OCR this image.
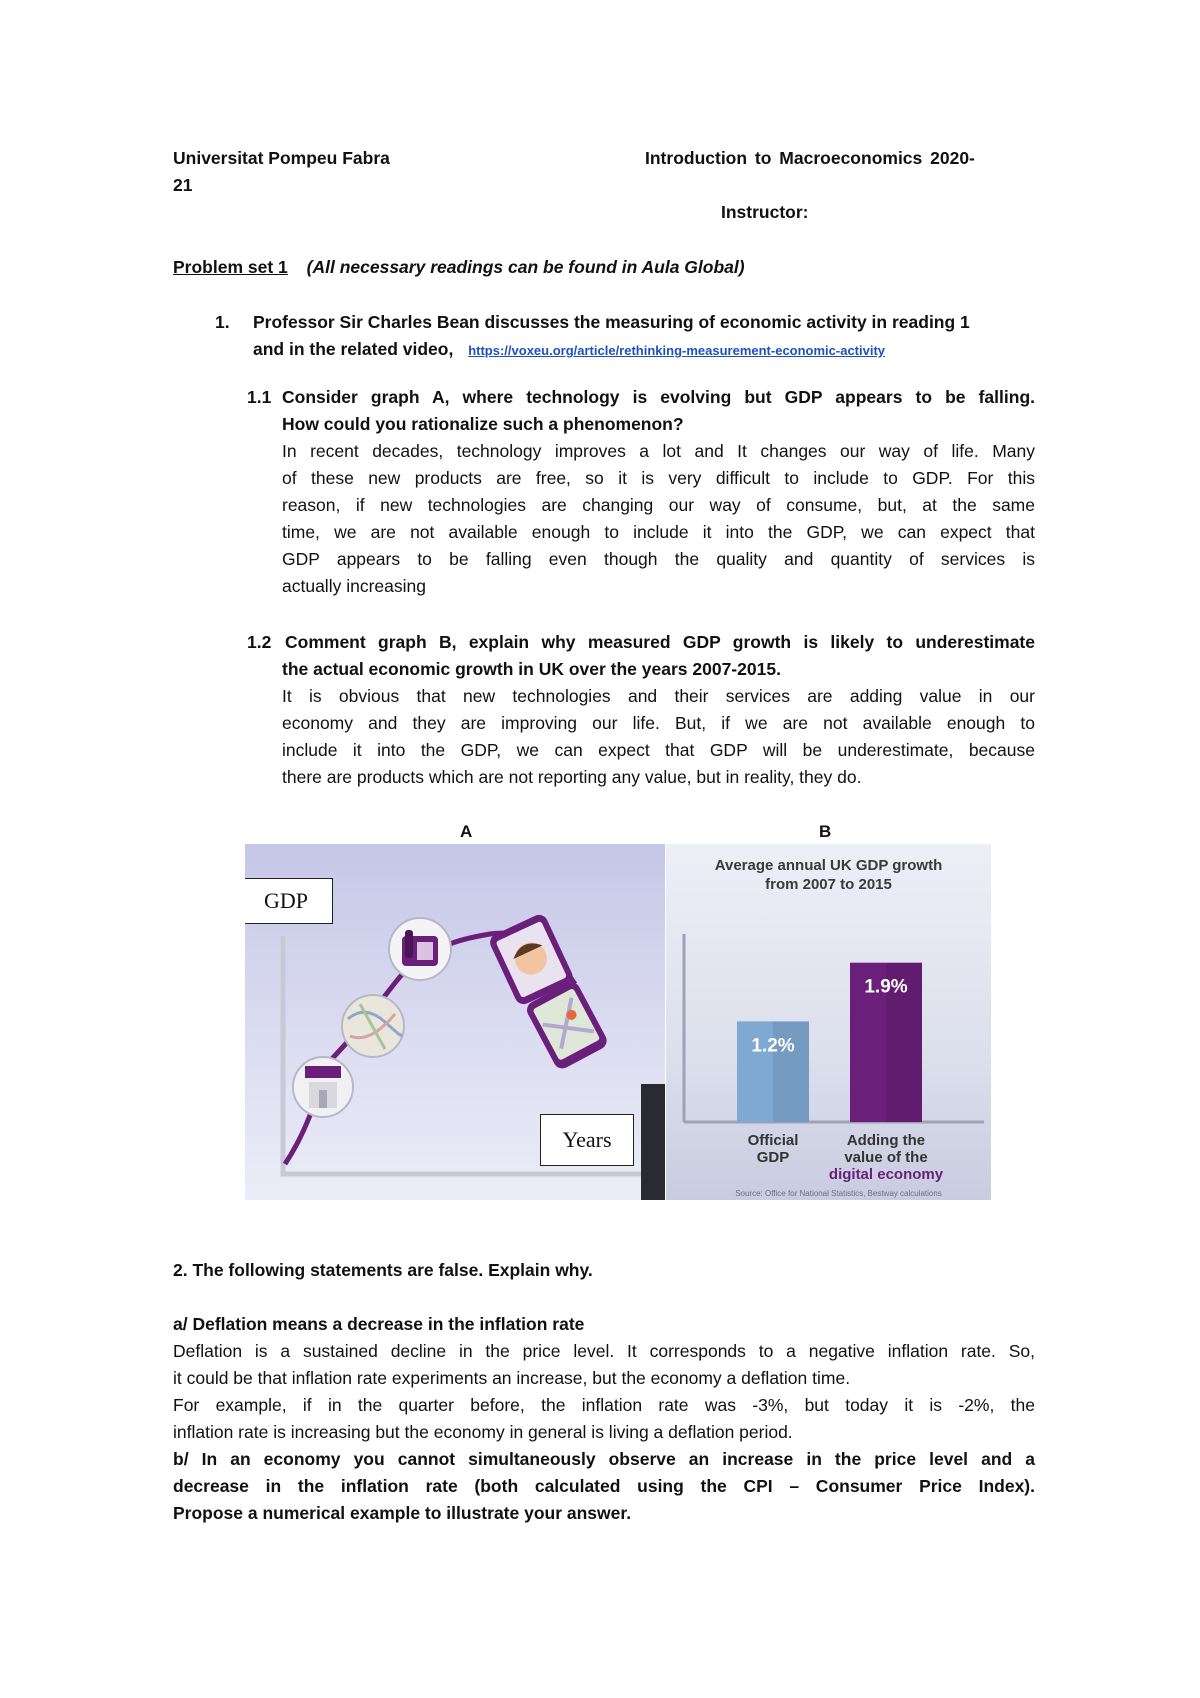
Universitat Pompeu Fabra	Introduction to Macroeconomics 2020-
21
Instructor:
Problem set 1 (All necessary readings can be found in Aula Global)
1. Professor Sir Charles Bean discusses the measuring of economic activity in reading 1
and in the related video, https://voxeu.org/article/rethinking-measurement-economic-activity
1.1 Consider graph A, where technology is evolving but GDP appears to be falling.
How could you rationalize such a phenomenon?
In recent decades, technology improves a lot and It changes our way of life. Many
of these new products are free, so it is very difficult to include to GDP. For this
reason, if new technologies are changing our way of consume, but, at the same
time, we are not available enough to include it into the GDP, we can expect that
GDP appears to be falling even though the quality and quantity of services is
actually increasing
1.2 Comment graph B, explain why measured GDP growth is likely to underestimate
the actual economic growth in UK over the years 2007-2015.
It is obvious that new technologies and their services are adding value in our
economy and they are improving our life. But, if we are not available enough to
include it into the GDP, we can expect that GDP will be underestimate, because
there are products which are not reporting any value, but in reality, they do.
A	B
GDP
Years
Average annual UK GDP growth
from 2007 to 2015
1.2%
1.9%
Official
GDP
Adding the
value of the
digital economy
Source: Office for National Statistics, Bestway calculations
2. The following statements are false. Explain why.
a/ Deflation means a decrease in the inflation rate
Deflation is a sustained decline in the price level. It corresponds to a negative inflation rate. So,
it could be that inflation rate experiments an increase, but the economy a deflation time.
For example, if in the quarter before, the inflation rate was -3%, but today it is -2%, the
inflation rate is increasing but the economy in general is living a deflation period.
b/ In an economy you cannot simultaneously observe an increase in the price level and a
decrease in the inflation rate (both calculated using the CPI – Consumer Price Index).
Propose a numerical example to illustrate your answer.
